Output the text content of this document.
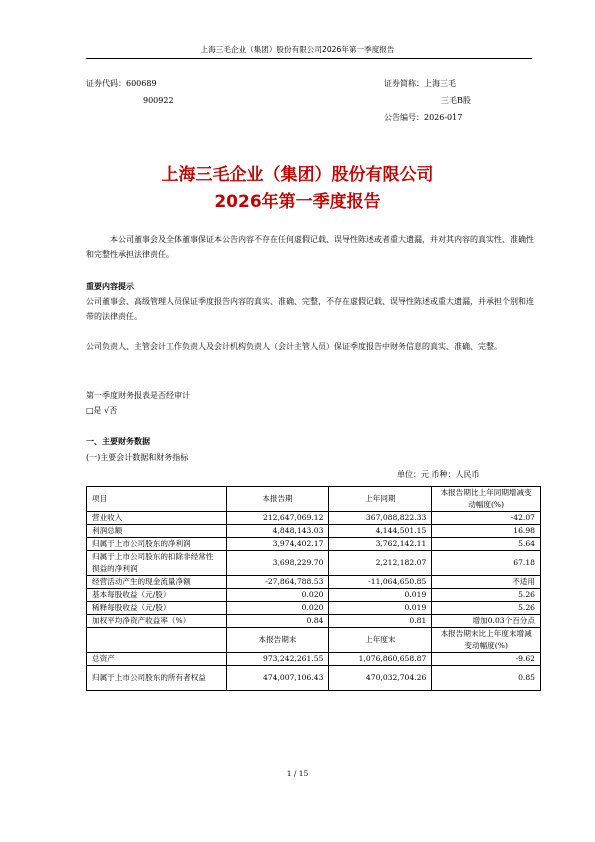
上海三毛企业（集团）股份有限公司2026年第一季度报告
证券代码：600689
900922
证券简称：上海三毛
三毛B股
公告编号：2026-017
上海三毛企业（集团）股份有限公司
2026年第一季度报告
本公司董事会及全体董事保证本公告内容不存在任何虚假记载、误导性陈述或者重大遗漏，并对其内容的真实性、准确性和完整性承担法律责任。
重要内容提示
公司董事会、高级管理人员保证季度报告内容的真实、准确、完整，不存在虚假记载、误导性陈述或重大遗漏，并承担个别和连带的法律责任。
公司负责人、主管会计工作负责人及会计机构负责人（会计主管人员）保证季度报告中财务信息的真实、准确、完整。
第一季度财务报表是否经审计
□是 √否
一、主要财务数据
(一)主要会计数据和财务指标
单位：元 币种：人民币
项目	本报告期	上年同期	本报告期比上年同期增减变动幅度(%)
营业收入	212,647,069.12	367,088,822.33	-42.07
利润总额	4,848,143.03	4,144,501.15	16.98
归属于上市公司股东的净利润	3,974,402.17	3,762,142.11	5.64
归属于上市公司股东的扣除非经常性损益的净利润	3,698,229.70	2,212,182.07	67.18
经营活动产生的现金流量净额	-27,864,788.53	-11,064,650.85	不适用
基本每股收益（元/股）	0.020	0.019	5.26
稀释每股收益（元/股）	0.020	0.019	5.26
加权平均净资产收益率（%）	0.84	0.81	增加0.03个百分点
	本报告期末	上年度末	本报告期末比上年度末增减变动幅度(%)
总资产	973,242,261.55	1,076,860,658.87	-9.62
归属于上市公司股东的所有者权益	474,007,106.43	470,032,704.26	0.85
1 / 15
